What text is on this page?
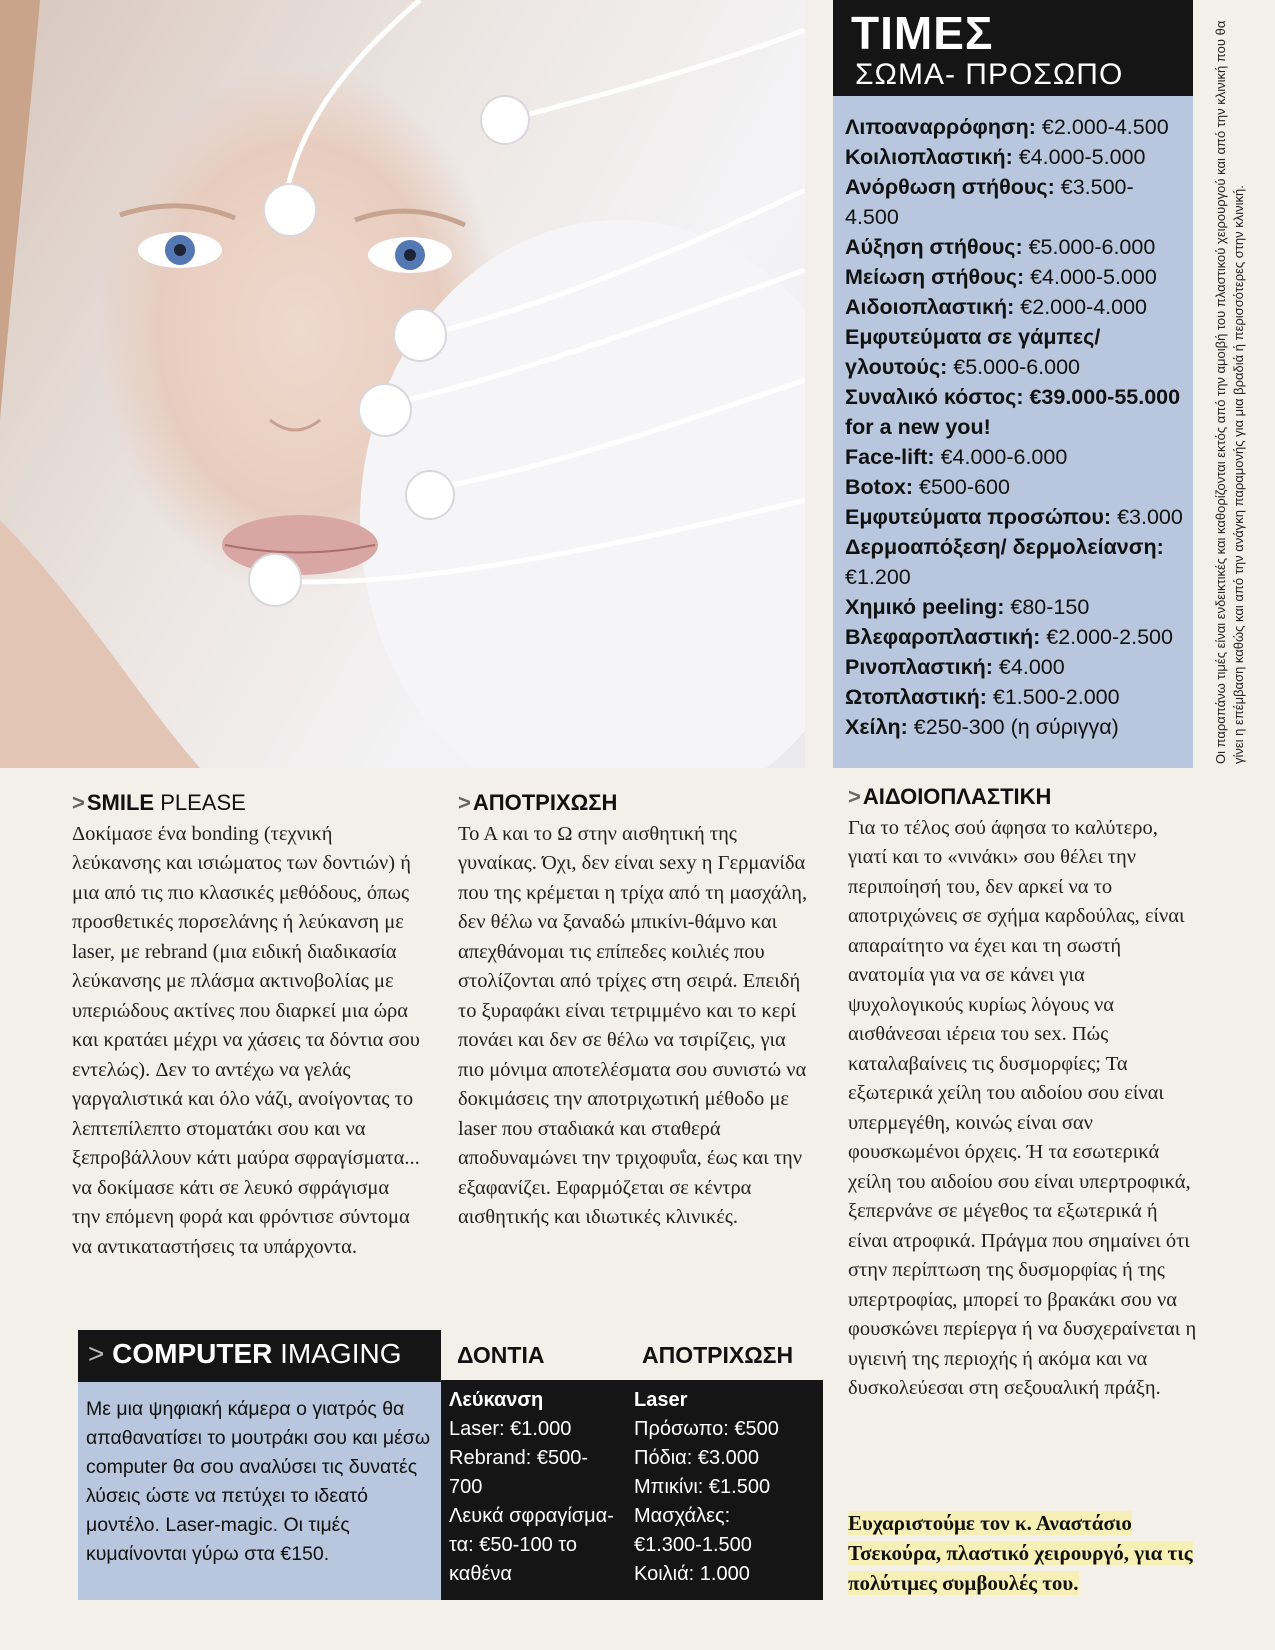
ΤΙΜΕΣ
ΣΩΜΑ- ΠΡΟΣΩΠΟ
Λιποαναρρόφηση: €2.000-4.500
Κοιλιοπλαστική: €4.000-5.000
Ανόρθωση στήθους: €3.500-4.500
Αύξηση στήθους: €5.000-6.000
Μείωση στήθους: €4.000-5.000
Αιδοιοπλαστική: €2.000-4.000
Εμφυτεύματα σε γάμπες/ γλουτούς: €5.000-6.000
Συναλικό κόστος: €39.000-55.000 for a new you!
Face-lift: €4.000-6.000
Botox: €500-600
Εμφυτεύματα προσώπου: €3.000
Δερμοαπόξεση/ δερμολείανση: €1.200
Χημικό peeling: €80-150
Βλεφαροπλαστική: €2.000-2.500
Ρινοπλαστική: €4.000
Ωτοπλαστική: €1.500-2.000
Χείλη: €250-300 (η σύριγγα)	Οι παραπάνω τιμές είναι ενδεικτικές και καθορίζονται εκτός από την αμοιβή του πλαστικού χειρουργού και από την κλινική που θα γίνει η επέμβαση καθώς και από την ανάγκη παραμονής για μια βραδιά ή περισσότερες στην κλινική.
>SMILE PLEASE

Δοκίμασε ένα bonding (τεχνική λεύκανσης και ισιώματος των δοντιών) ή μια από τις πιο κλασικές μεθόδους, όπως προσθετικές πορσελάνης ή λεύκανση με laser, με rebrand (μια ειδική διαδικασία λεύκανσης με πλάσμα ακτινοβολίας με υπεριώδους ακτίνες που διαρκεί μια ώρα και κρατάει μέχρι να χάσεις τα δόντια σου εντελώς). Δεν το αντέχω να γελάς γαργαλιστικά και όλο νάζι, ανοίγοντας το λεπτεπίλεπτο στοματάκι σου και να ξεπροβάλλουν κάτι μαύρα σφραγίσματα... να δοκίμασε κάτι σε λευκό σφράγισμα την επόμενη φορά και φρόντισε σύντομα να αντικαταστήσεις τα υπάρχοντα.

>ΑΠΟΤΡΙΧΩΣΗ

Το Α και το Ω στην αισθητική της γυναίκας. Όχι, δεν είναι sexy η Γερμανίδα που της κρέμεται η τρίχα από τη μασχάλη, δεν θέλω να ξαναδώ μπικίνι-θάμνο και απεχθάνομαι τις επίπεδες κοιλιές που στολίζονται από τρίχες στη σειρά. Επειδή το ξυραφάκι είναι τετριμμένο και το κερί πονάει και δεν σε θέλω να τσιρίζεις, για πιο μόνιμα αποτελέσματα σου συνιστώ να δοκιμάσεις την αποτριχωτική μέθοδο με laser που σταδιακά και σταθερά αποδυναμώνει την τριχοφυΐα, έως και την εξαφανίζει. Εφαρμόζεται σε κέντρα αισθητικής και ιδιωτικές κλινικές.

>ΑΙΔΟΙΟΠΛΑΣΤΙΚΗ

Για το τέλος σού άφησα το καλύτερο, γιατί και το «νινάκι» σου θέλει την περιποίησή του, δεν αρκεί να το αποτριχώνεις σε σχήμα καρδούλας, είναι απαραίτητο να έχει και τη σωστή ανατομία για να σε κάνει για ψυχολογικούς κυρίως λόγους να αισθάνεσαι ιέρεια του sex. Πώς καταλαβαίνεις τις δυσμορφίες; Τα εξωτερικά χείλη του αιδοίου σου είναι υπερμεγέθη, κοινώς είναι σαν φουσκωμένοι όρχεις. Ή τα εσωτερικά χείλη του αιδοίου σου είναι υπερτροφικά, ξεπερνάνε σε μέγεθος τα εξωτερικά ή είναι ατροφικά. Πράγμα που σημαίνει ότι στην περίπτωση της δυσμορφίας ή της υπερτροφίας, μπορεί το βρακάκι σου να φουσκώνει περίεργα ή να δυσχεραίνεται η υγιεινή της περιοχής ή ακόμα και να δυσκολεύεσαι στη σεξουαλική πράξη.

Ευχαριστούμε τον κ. Αναστάσιο Τσεκούρα, πλαστικό χειρουργό, για τις πολύτιμες συμβουλές του.
> COMPUTER IMAGING
Με μια ψηφιακή κάμερα ο γιατρός θα απαθανατίσει το μουτράκι σου και μέσω computer θα σου αναλύσει τις δυνατές λύσεις ώστε να πετύχει το ιδεατό μοντέλο. Laser-magic. Οι τιμές κυμαίνονται γύρω στα €150.
ΔΟΝΤΙΑ
Λεύκανση
Laser: €1.000
Rebrand: €500-
700
Λευκά σφραγίσμα-
τα: €50-100 το
καθένα
ΑΠΟΤΡΙΧΩΣΗ
Laser
Πρόσωπο: €500
Πόδια: €3.000
Μπικίνι: €1.500
Μασχάλες:
€1.300-1.500
Κοιλιά: 1.000
